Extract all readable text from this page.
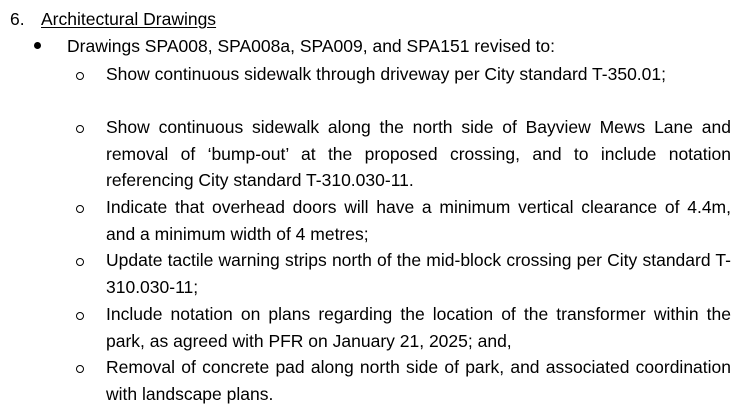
6. Architectural Drawings
Drawings SPA008, SPA008a, SPA009, and SPA151 revised to:
Show continuous sidewalk through driveway per City standard T-350.01;
Show continuous sidewalk along the north side of Bayview Mews Lane and removal of ‘bump-out’ at the proposed crossing, and to include notation referencing City standard T-310.030-11.
Indicate that overhead doors will have a minimum vertical clearance of 4.4m, and a minimum width of 4 metres;
Update tactile warning strips north of the mid-block crossing per City standard T-310.030-11;
Include notation on plans regarding the location of the transformer within the park, as agreed with PFR on January 21, 2025; and,
Removal of concrete pad along north side of park, and associated coordination with landscape plans.
